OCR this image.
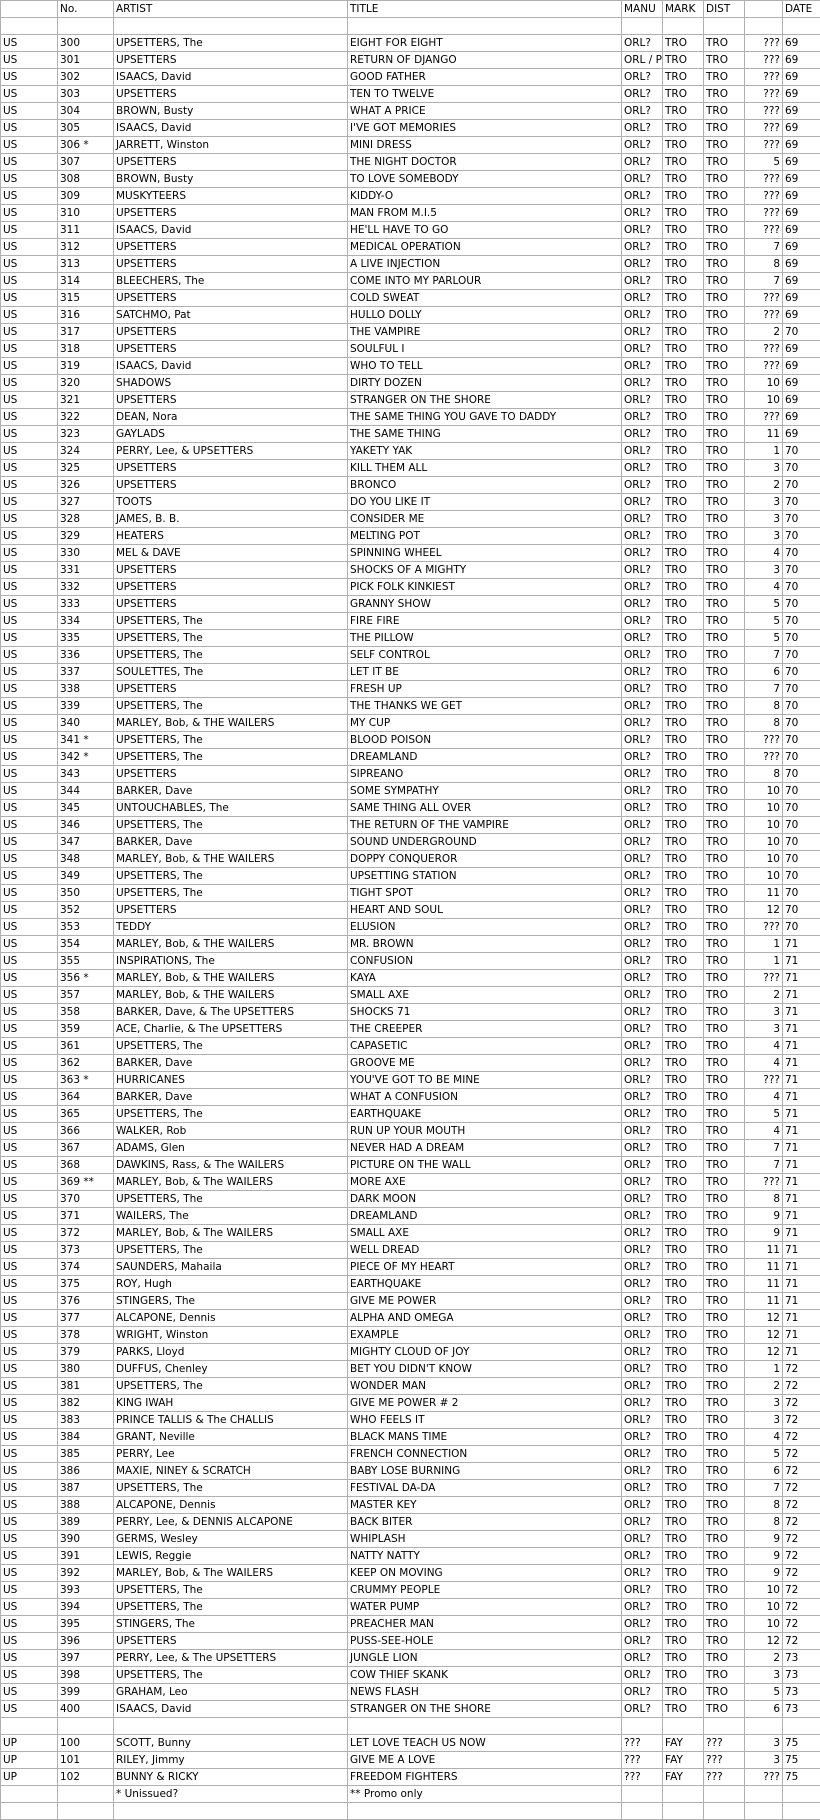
	No.	ARTIST	TITLE	MANU	MARK	DIST		DATE

US	300	UPSETTERS, The	EIGHT FOR EIGHT	ORL?	TRO	TRO	???	69
US	301	UPSETTERS	RETURN OF DJANGO	ORL / P	TRO	TRO	???	69
US	302	ISAACS, David	GOOD FATHER	ORL?	TRO	TRO	???	69
US	303	UPSETTERS	TEN TO TWELVE	ORL?	TRO	TRO	???	69
US	304	BROWN, Busty	WHAT A PRICE	ORL?	TRO	TRO	???	69
US	305	ISAACS, David	I'VE GOT MEMORIES	ORL?	TRO	TRO	???	69
US	306 *	JARRETT, Winston	MINI DRESS	ORL?	TRO	TRO	???	69
US	307	UPSETTERS	THE NIGHT DOCTOR	ORL?	TRO	TRO	5	69
US	308	BROWN, Busty	TO LOVE SOMEBODY	ORL?	TRO	TRO	???	69
US	309	MUSKYTEERS	KIDDY-O	ORL?	TRO	TRO	???	69
US	310	UPSETTERS	MAN FROM M.I.5	ORL?	TRO	TRO	???	69
US	311	ISAACS, David	HE'LL HAVE TO GO	ORL?	TRO	TRO	???	69
US	312	UPSETTERS	MEDICAL OPERATION	ORL?	TRO	TRO	7	69
US	313	UPSETTERS	A LIVE INJECTION	ORL?	TRO	TRO	8	69
US	314	BLEECHERS, The	COME INTO MY PARLOUR	ORL?	TRO	TRO	7	69
US	315	UPSETTERS	COLD SWEAT	ORL?	TRO	TRO	???	69
US	316	SATCHMO, Pat	HULLO DOLLY	ORL?	TRO	TRO	???	69
US	317	UPSETTERS	THE VAMPIRE	ORL?	TRO	TRO	2	70
US	318	UPSETTERS	SOULFUL I	ORL?	TRO	TRO	???	69
US	319	ISAACS, David	WHO TO TELL	ORL?	TRO	TRO	???	69
US	320	SHADOWS	DIRTY DOZEN	ORL?	TRO	TRO	10	69
US	321	UPSETTERS	STRANGER ON THE SHORE	ORL?	TRO	TRO	10	69
US	322	DEAN, Nora	THE SAME THING YOU GAVE TO DADDY	ORL?	TRO	TRO	???	69
US	323	GAYLADS	THE SAME THING	ORL?	TRO	TRO	11	69
US	324	PERRY, Lee, & UPSETTERS	YAKETY YAK	ORL?	TRO	TRO	1	70
US	325	UPSETTERS	KILL THEM ALL	ORL?	TRO	TRO	3	70
US	326	UPSETTERS	BRONCO	ORL?	TRO	TRO	2	70
US	327	TOOTS	DO YOU LIKE IT	ORL?	TRO	TRO	3	70
US	328	JAMES, B. B.	CONSIDER ME	ORL?	TRO	TRO	3	70
US	329	HEATERS	MELTING POT	ORL?	TRO	TRO	3	70
US	330	MEL & DAVE	SPINNING WHEEL	ORL?	TRO	TRO	4	70
US	331	UPSETTERS	SHOCKS OF A MIGHTY	ORL?	TRO	TRO	3	70
US	332	UPSETTERS	PICK FOLK KINKIEST	ORL?	TRO	TRO	4	70
US	333	UPSETTERS	GRANNY SHOW	ORL?	TRO	TRO	5	70
US	334	UPSETTERS, The	FIRE FIRE	ORL?	TRO	TRO	5	70
US	335	UPSETTERS, The	THE PILLOW	ORL?	TRO	TRO	5	70
US	336	UPSETTERS, The	SELF CONTROL	ORL?	TRO	TRO	7	70
US	337	SOULETTES, The	LET IT BE	ORL?	TRO	TRO	6	70
US	338	UPSETTERS	FRESH UP	ORL?	TRO	TRO	7	70
US	339	UPSETTERS, The	THE THANKS WE GET	ORL?	TRO	TRO	8	70
US	340	MARLEY, Bob, & THE WAILERS	MY CUP	ORL?	TRO	TRO	8	70
US	341 *	UPSETTERS, The	BLOOD POISON	ORL?	TRO	TRO	???	70
US	342 *	UPSETTERS, The	DREAMLAND	ORL?	TRO	TRO	???	70
US	343	UPSETTERS	SIPREANO	ORL?	TRO	TRO	8	70
US	344	BARKER, Dave	SOME SYMPATHY	ORL?	TRO	TRO	10	70
US	345	UNTOUCHABLES, The	SAME THING ALL OVER	ORL?	TRO	TRO	10	70
US	346	UPSETTERS, The	THE RETURN OF THE VAMPIRE	ORL?	TRO	TRO	10	70
US	347	BARKER, Dave	SOUND UNDERGROUND	ORL?	TRO	TRO	10	70
US	348	MARLEY, Bob, & THE WAILERS	DOPPY CONQUEROR	ORL?	TRO	TRO	10	70
US	349	UPSETTERS, The	UPSETTING STATION	ORL?	TRO	TRO	10	70
US	350	UPSETTERS, The	TIGHT SPOT	ORL?	TRO	TRO	11	70
US	352	UPSETTERS	HEART AND SOUL	ORL?	TRO	TRO	12	70
US	353	TEDDY	ELUSION	ORL?	TRO	TRO	???	70
US	354	MARLEY, Bob, & THE WAILERS	MR. BROWN	ORL?	TRO	TRO	1	71
US	355	INSPIRATIONS, The	CONFUSION	ORL?	TRO	TRO	1	71
US	356 *	MARLEY, Bob, & THE WAILERS	KAYA	ORL?	TRO	TRO	???	71
US	357	MARLEY, Bob, & THE WAILERS	SMALL AXE	ORL?	TRO	TRO	2	71
US	358	BARKER, Dave, & The UPSETTERS	SHOCKS 71	ORL?	TRO	TRO	3	71
US	359	ACE, Charlie, & The UPSETTERS	THE CREEPER	ORL?	TRO	TRO	3	71
US	361	UPSETTERS, The	CAPASETIC	ORL?	TRO	TRO	4	71
US	362	BARKER, Dave	GROOVE ME	ORL?	TRO	TRO	4	71
US	363 *	HURRICANES	YOU'VE GOT TO BE MINE	ORL?	TRO	TRO	???	71
US	364	BARKER, Dave	WHAT A CONFUSION	ORL?	TRO	TRO	4	71
US	365	UPSETTERS, The	EARTHQUAKE	ORL?	TRO	TRO	5	71
US	366	WALKER, Rob	RUN UP YOUR MOUTH	ORL?	TRO	TRO	4	71
US	367	ADAMS, Glen	NEVER HAD A DREAM	ORL?	TRO	TRO	7	71
US	368	DAWKINS, Rass, & The WAILERS	PICTURE ON THE WALL	ORL?	TRO	TRO	7	71
US	369 **	MARLEY, Bob, & The WAILERS	MORE AXE	ORL?	TRO	TRO	???	71
US	370	UPSETTERS, The	DARK MOON	ORL?	TRO	TRO	8	71
US	371	WAILERS, The	DREAMLAND	ORL?	TRO	TRO	9	71
US	372	MARLEY, Bob, & The WAILERS	SMALL AXE	ORL?	TRO	TRO	9	71
US	373	UPSETTERS, The	WELL DREAD	ORL?	TRO	TRO	11	71
US	374	SAUNDERS, Mahaila	PIECE OF MY HEART	ORL?	TRO	TRO	11	71
US	375	ROY, Hugh	EARTHQUAKE	ORL?	TRO	TRO	11	71
US	376	STINGERS, The	GIVE ME POWER	ORL?	TRO	TRO	11	71
US	377	ALCAPONE, Dennis	ALPHA AND OMEGA	ORL?	TRO	TRO	12	71
US	378	WRIGHT, Winston	EXAMPLE	ORL?	TRO	TRO	12	71
US	379	PARKS, Lloyd	MIGHTY CLOUD OF JOY	ORL?	TRO	TRO	12	71
US	380	DUFFUS, Chenley	BET YOU DIDN'T KNOW	ORL?	TRO	TRO	1	72
US	381	UPSETTERS, The	WONDER MAN	ORL?	TRO	TRO	2	72
US	382	KING IWAH	GIVE ME POWER # 2	ORL?	TRO	TRO	3	72
US	383	PRINCE TALLIS & The CHALLIS	WHO FEELS IT	ORL?	TRO	TRO	3	72
US	384	GRANT, Neville	BLACK MANS TIME	ORL?	TRO	TRO	4	72
US	385	PERRY, Lee	FRENCH CONNECTION	ORL?	TRO	TRO	5	72
US	386	MAXIE, NINEY & SCRATCH	BABY LOSE BURNING	ORL?	TRO	TRO	6	72
US	387	UPSETTERS, The	FESTIVAL DA-DA	ORL?	TRO	TRO	7	72
US	388	ALCAPONE, Dennis	MASTER KEY	ORL?	TRO	TRO	8	72
US	389	PERRY, Lee, & DENNIS ALCAPONE	BACK BITER	ORL?	TRO	TRO	8	72
US	390	GERMS, Wesley	WHIPLASH	ORL?	TRO	TRO	9	72
US	391	LEWIS, Reggie	NATTY NATTY	ORL?	TRO	TRO	9	72
US	392	MARLEY, Bob, & The WAILERS	KEEP ON MOVING	ORL?	TRO	TRO	9	72
US	393	UPSETTERS, The	CRUMMY PEOPLE	ORL?	TRO	TRO	10	72
US	394	UPSETTERS, The	WATER PUMP	ORL?	TRO	TRO	10	72
US	395	STINGERS, The	PREACHER MAN	ORL?	TRO	TRO	10	72
US	396	UPSETTERS	PUSS-SEE-HOLE	ORL?	TRO	TRO	12	72
US	397	PERRY, Lee, & The UPSETTERS	JUNGLE LION	ORL?	TRO	TRO	2	73
US	398	UPSETTERS, The	COW THIEF SKANK	ORL?	TRO	TRO	3	73
US	399	GRAHAM, Leo	NEWS FLASH	ORL?	TRO	TRO	5	73
US	400	ISAACS, David	STRANGER ON THE SHORE	ORL?	TRO	TRO	6	73

UP	100	SCOTT, Bunny	LET LOVE TEACH US NOW	???	FAY	???	3	75
UP	101	RILEY, Jimmy	GIVE ME A LOVE	???	FAY	???	3	75
UP	102	BUNNY & RICKY	FREEDOM FIGHTERS	???	FAY	???	???	75
		* Unissued?	** Promo only					
